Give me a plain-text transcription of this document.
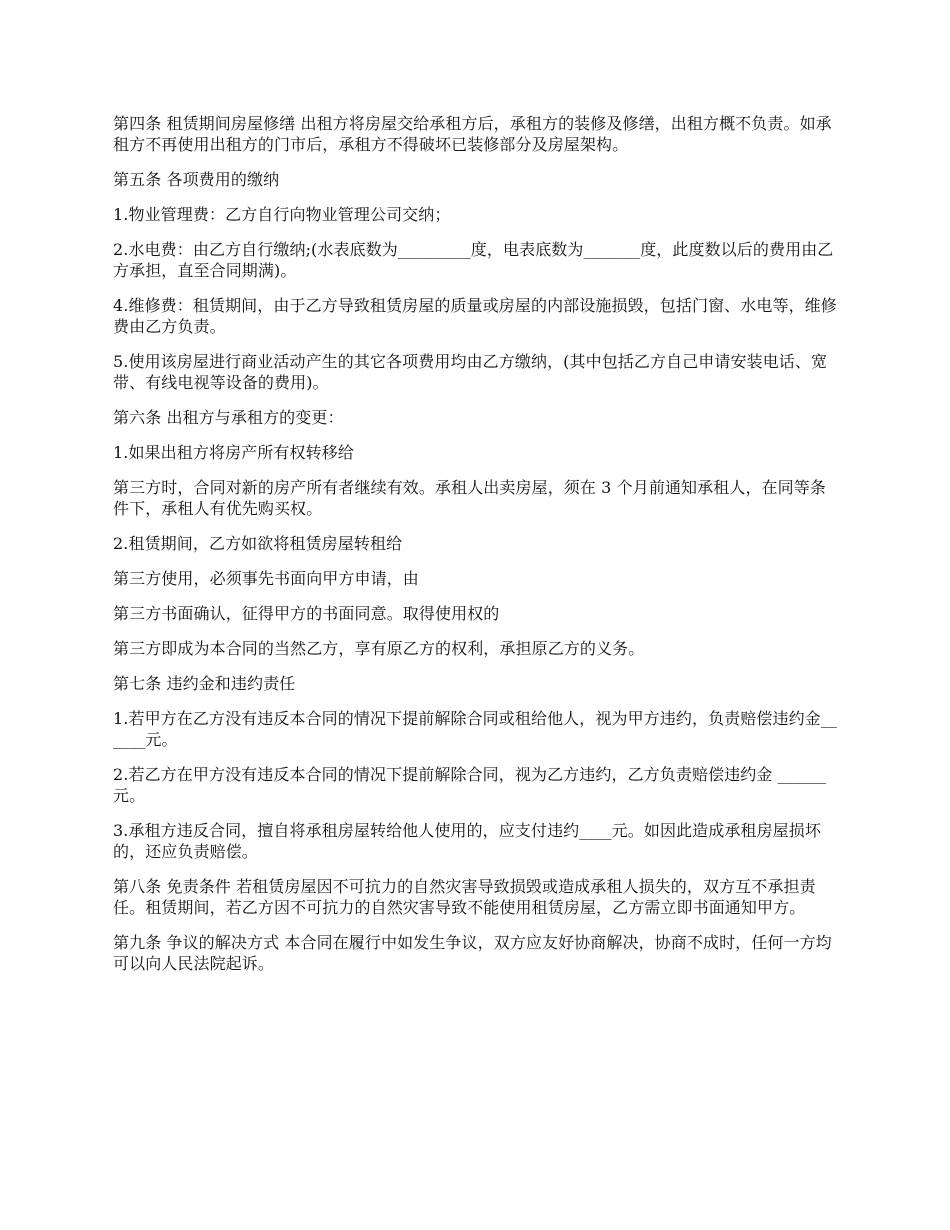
第四条 租赁期间房屋修缮 出租方将房屋交给承租方后，承租方的装修及修缮，出租方概不负责。如承租方不再使用出租方的门市后，承租方不得破坏已装修部分及房屋架构。

第五条 各项费用的缴纳

1.物业管理费：乙方自行向物业管理公司交纳；

2.水电费：由乙方自行缴纳;(水表底数为_________度，电表底数为_______度，此度数以后的费用由乙方承担，直至合同期满)。

4.维修费：租赁期间，由于乙方导致租赁房屋的质量或房屋的内部设施损毁，包括门窗、水电等，维修费由乙方负责。

5.使用该房屋进行商业活动产生的其它各项费用均由乙方缴纳，(其中包括乙方自己申请安装电话、宽带、有线电视等设备的费用)。

第六条 出租方与承租方的变更：

1.如果出租方将房产所有权转移给

第三方时，合同对新的房产所有者继续有效。承租人出卖房屋，须在 3 个月前通知承租人，在同等条件下，承租人有优先购买权。

2.租赁期间，乙方如欲将租赁房屋转租给

第三方使用，必须事先书面向甲方申请，由

第三方书面确认，征得甲方的书面同意。取得使用权的

第三方即成为本合同的当然乙方，享有原乙方的权利，承担原乙方的义务。

第七条 违约金和违约责任

1.若甲方在乙方没有违反本合同的情况下提前解除合同或租给他人，视为甲方违约，负责赔偿违约金______元。

2.若乙方在甲方没有违反本合同的情况下提前解除合同，视为乙方违约，乙方负责赔偿违约金 ______元。

3.承租方违反合同，擅自将承租房屋转给他人使用的，应支付违约____元。如因此造成承租房屋损坏的，还应负责赔偿。

第八条 免责条件 若租赁房屋因不可抗力的自然灾害导致损毁或造成承租人损失的，双方互不承担责任。租赁期间，若乙方因不可抗力的自然灾害导致不能使用租赁房屋，乙方需立即书面通知甲方。

第九条 争议的解决方式 本合同在履行中如发生争议，双方应友好协商解决，协商不成时，任何一方均可以向人民法院起诉。
